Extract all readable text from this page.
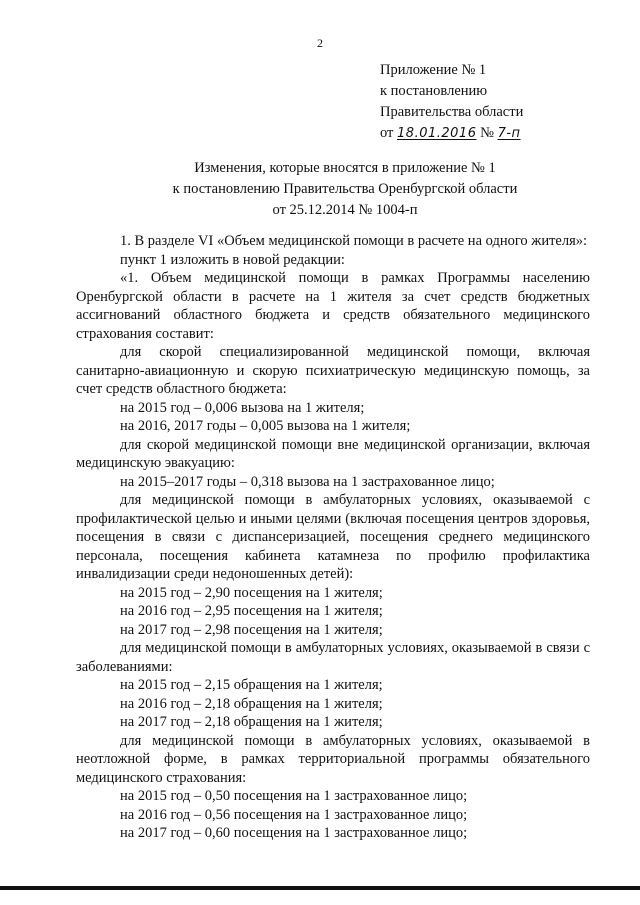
2
Приложение № 1
к постановлению
Правительства области
от 18.01.2016 № 7-п
Изменения, которые вносятся в приложение № 1
к постановлению Правительства Оренбургской области
от 25.12.2014 № 1004-п

1. В разделе VI «Объем медицинской помощи в расчете на одного жителя»:

пункт 1 изложить в новой редакции:

«1. Объем медицинской помощи в рамках Программы населению Оренбургской области в расчете на 1 жителя за счет средств бюджетных ассигнований областного бюджета и средств обязательного медицинского страхования составит:

для скорой специализированной медицинской помощи, включая санитарно-авиационную и скорую психиатрическую медицинскую помощь, за счет средств областного бюджета:

на 2015 год – 0,006 вызова на 1 жителя;

на 2016, 2017 годы – 0,005 вызова на 1 жителя;

для скорой медицинской помощи вне медицинской организации, включая медицинскую эвакуацию:

на 2015–2017 годы – 0,318 вызова на 1 застрахованное лицо;

для медицинской помощи в амбулаторных условиях, оказываемой с профилактической целью и иными целями (включая посещения центров здоровья, посещения в связи с диспансеризацией, посещения среднего медицинского персонала, посещения кабинета катамнеза по профилю профилактика инвалидизации среди недоношенных детей):

на 2015 год – 2,90 посещения на 1 жителя;

на 2016 год – 2,95 посещения на 1 жителя;

на 2017 год – 2,98 посещения на 1 жителя;

для медицинской помощи в амбулаторных условиях, оказываемой в связи с заболеваниями:

на 2015 год – 2,15 обращения на 1 жителя;

на 2016 год – 2,18 обращения на 1 жителя;

на 2017 год – 2,18 обращения на 1 жителя;

для медицинской помощи в амбулаторных условиях, оказываемой в неотложной форме, в рамках территориальной программы обязательного медицинского страхования:

на 2015 год – 0,50 посещения на 1 застрахованное лицо;

на 2016 год – 0,56 посещения на 1 застрахованное лицо;

на 2017 год – 0,60 посещения на 1 застрахованное лицо;
